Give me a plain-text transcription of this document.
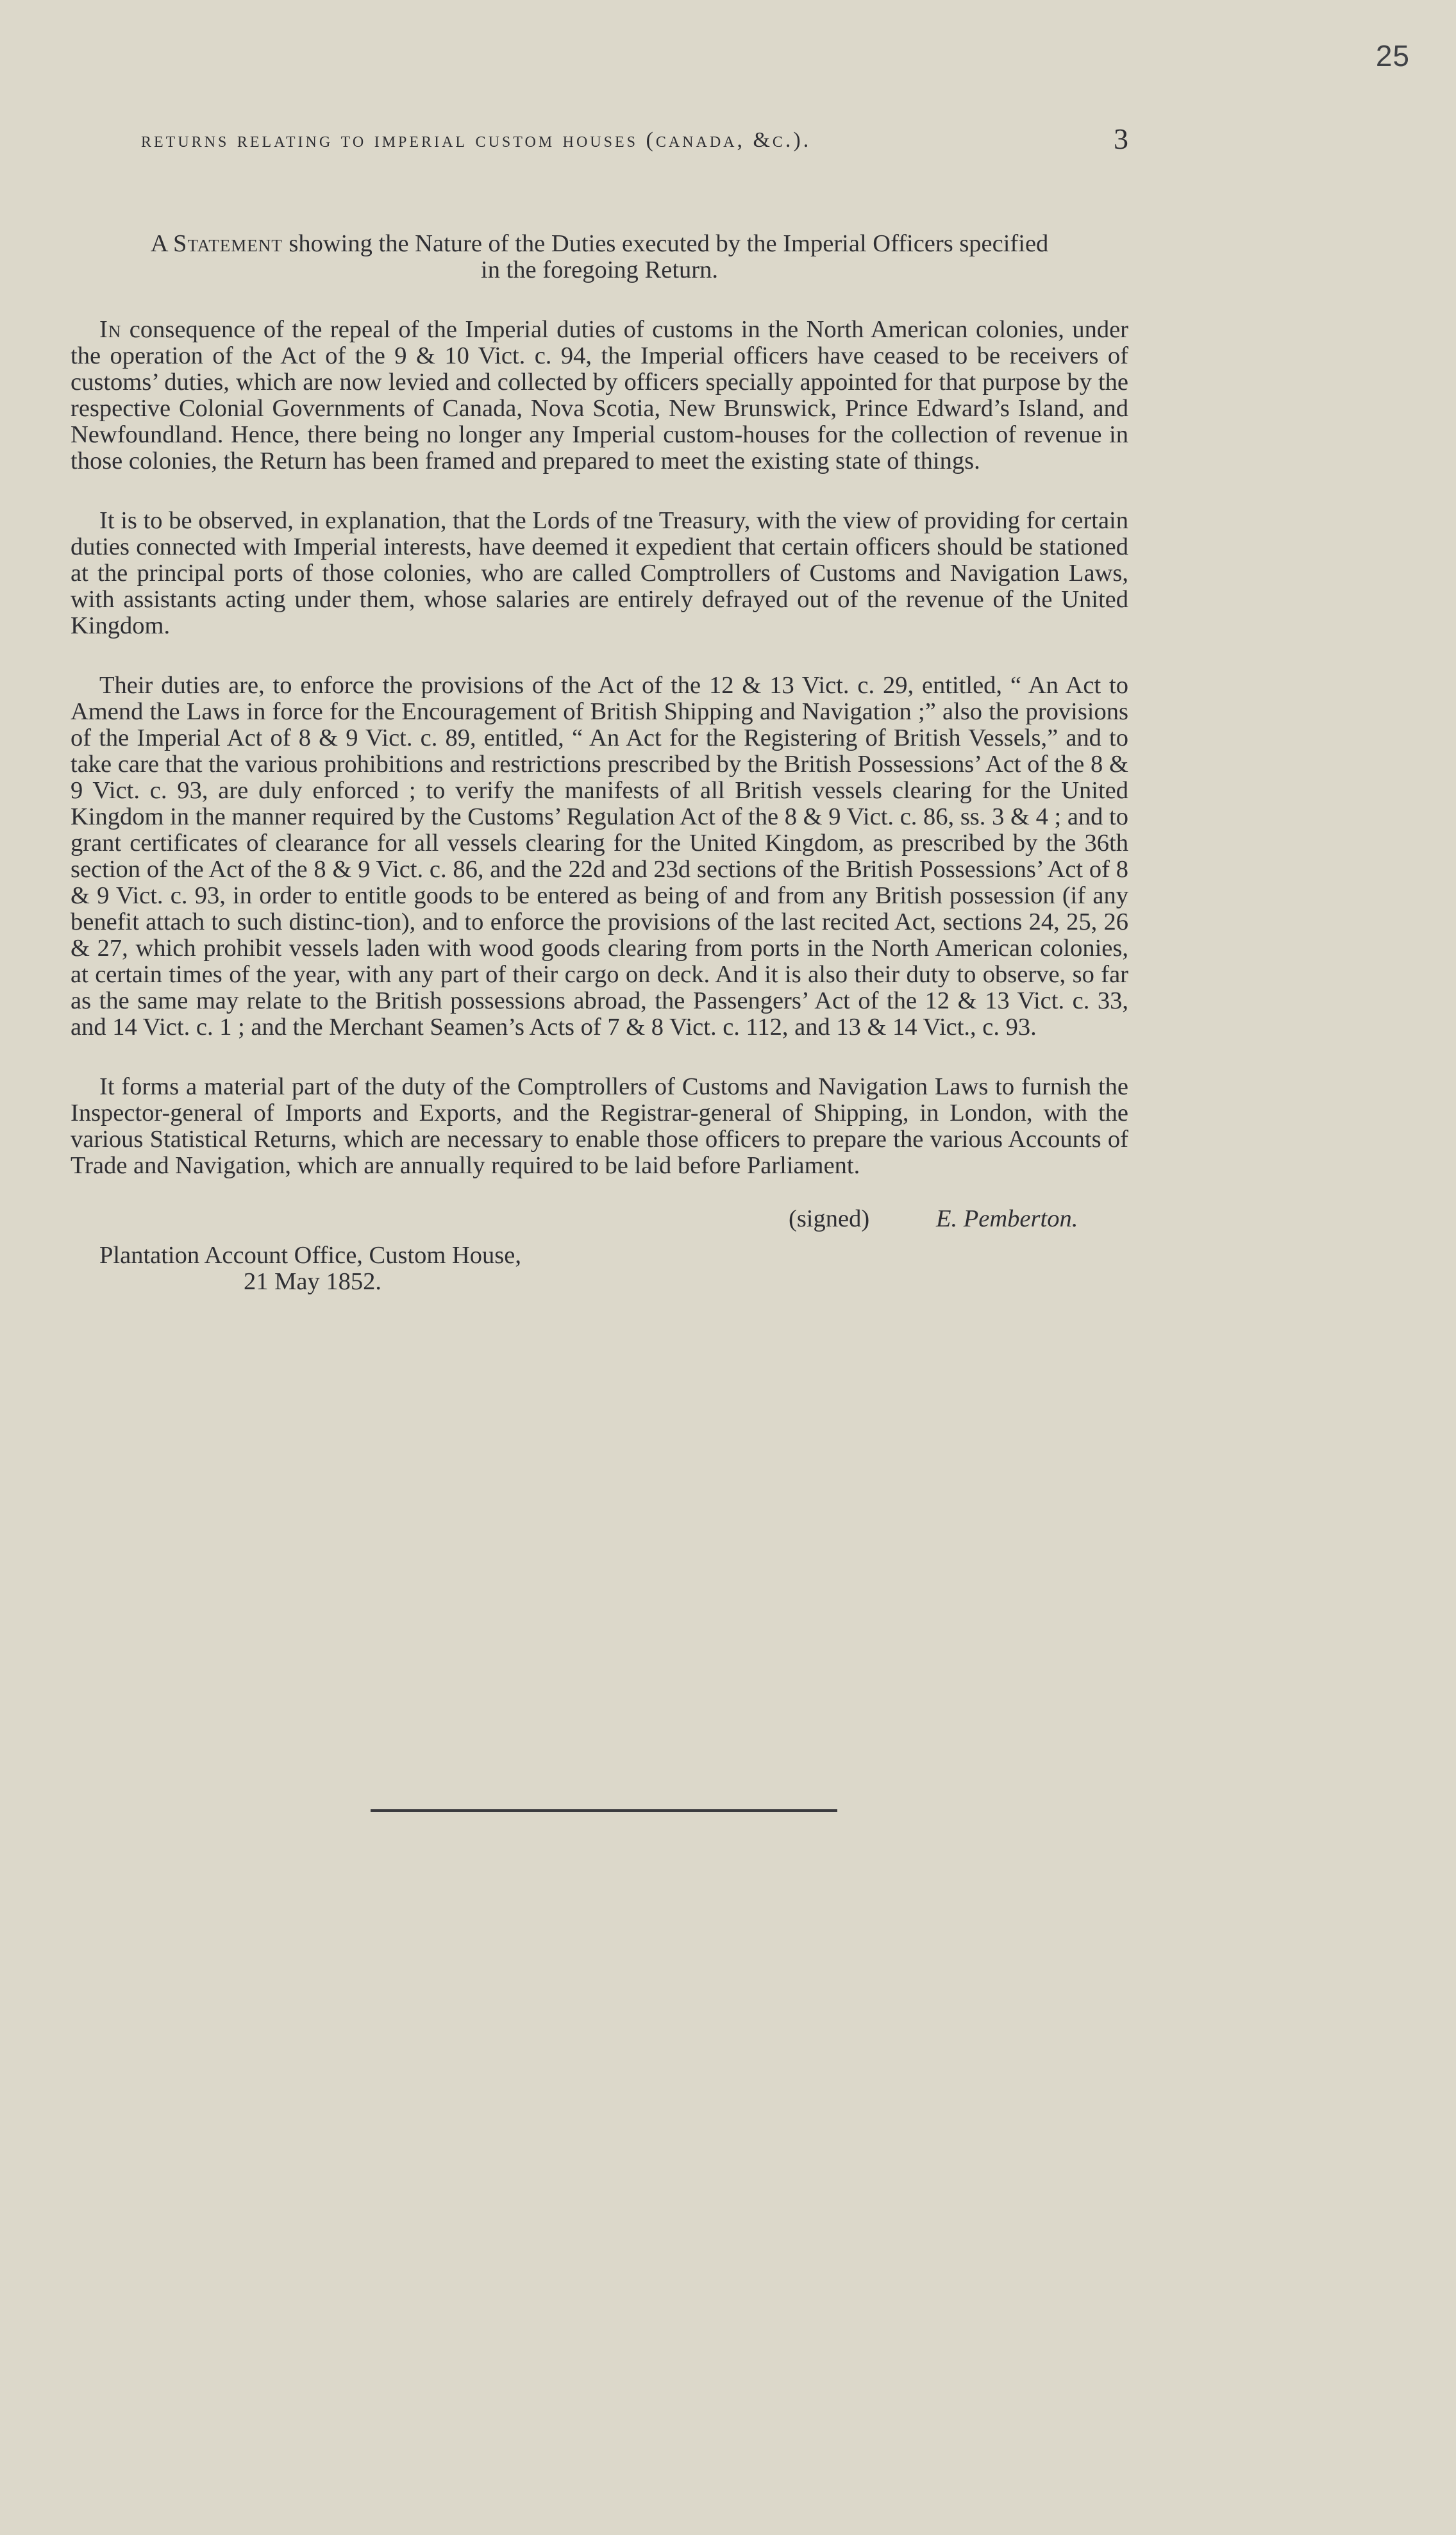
25
returns relating to imperial custom houses (canada, &c.).	3
A Statement showing the Nature of the Duties executed by the Imperial Officers specified
in the foregoing Return.

In consequence of the repeal of the Imperial duties of customs in the North American colonies, under the operation of the Act of the 9 & 10 Vict. c. 94, the Imperial officers have ceased to be receivers of customs’ duties, which are now levied and collected by officers specially appointed for that purpose by the respective Colonial Governments of Canada, Nova Scotia, New Brunswick, Prince Edward’s Island, and Newfoundland. Hence, there being no longer any Imperial custom-houses for the collection of revenue in those colonies, the Return has been framed and prepared to meet the existing state of things.

It is to be observed, in explanation, that the Lords of tne Treasury, with the view of providing for certain duties connected with Imperial interests, have deemed it expedient that certain officers should be stationed at the principal ports of those colonies, who are called Comptrollers of Customs and Navigation Laws, with assistants acting under them, whose salaries are entirely defrayed out of the revenue of the United Kingdom.

Their duties are, to enforce the provisions of the Act of the 12 & 13 Vict. c. 29, entitled, “ An Act to Amend the Laws in force for the Encouragement of British Shipping and Navigation ;” also the provisions of the Imperial Act of 8 & 9 Vict. c. 89, entitled, “ An Act for the Registering of British Vessels,” and to take care that the various prohibitions and restrictions prescribed by the British Possessions’ Act of the 8 & 9 Vict. c. 93, are duly enforced ; to verify the manifests of all British vessels clearing for the United Kingdom in the manner required by the Customs’ Regulation Act of the 8 & 9 Vict. c. 86, ss. 3 & 4 ; and to grant certificates of clearance for all vessels clearing for the United Kingdom, as prescribed by the 36th section of the Act of the 8 & 9 Vict. c. 86, and the 22d and 23d sections of the British Possessions’ Act of 8 & 9 Vict. c. 93, in order to entitle goods to be entered as being of and from any British possession (if any benefit attach to such distinc-tion), and to enforce the provisions of the last recited Act, sections 24, 25, 26 & 27, which prohibit vessels laden with wood goods clearing from ports in the North American colonies, at certain times of the year, with any part of their cargo on deck. And it is also their duty to observe, so far as the same may relate to the British possessions abroad, the Passengers’ Act of the 12 & 13 Vict. c. 33, and 14 Vict. c. 1 ; and the Merchant Seamen’s Acts of 7 & 8 Vict. c. 112, and 13 & 14 Vict., c. 93.

It forms a material part of the duty of the Comptrollers of Customs and Navigation Laws to furnish the Inspector-general of Imports and Exports, and the Registrar-general of Shipping, in London, with the various Statistical Returns, which are necessary to enable those officers to prepare the various Accounts of Trade and Navigation, which are annually required to be laid before Parliament.

(signed)	E. Pemberton.
Plantation Account Office, Custom House,
21 May 1852.
